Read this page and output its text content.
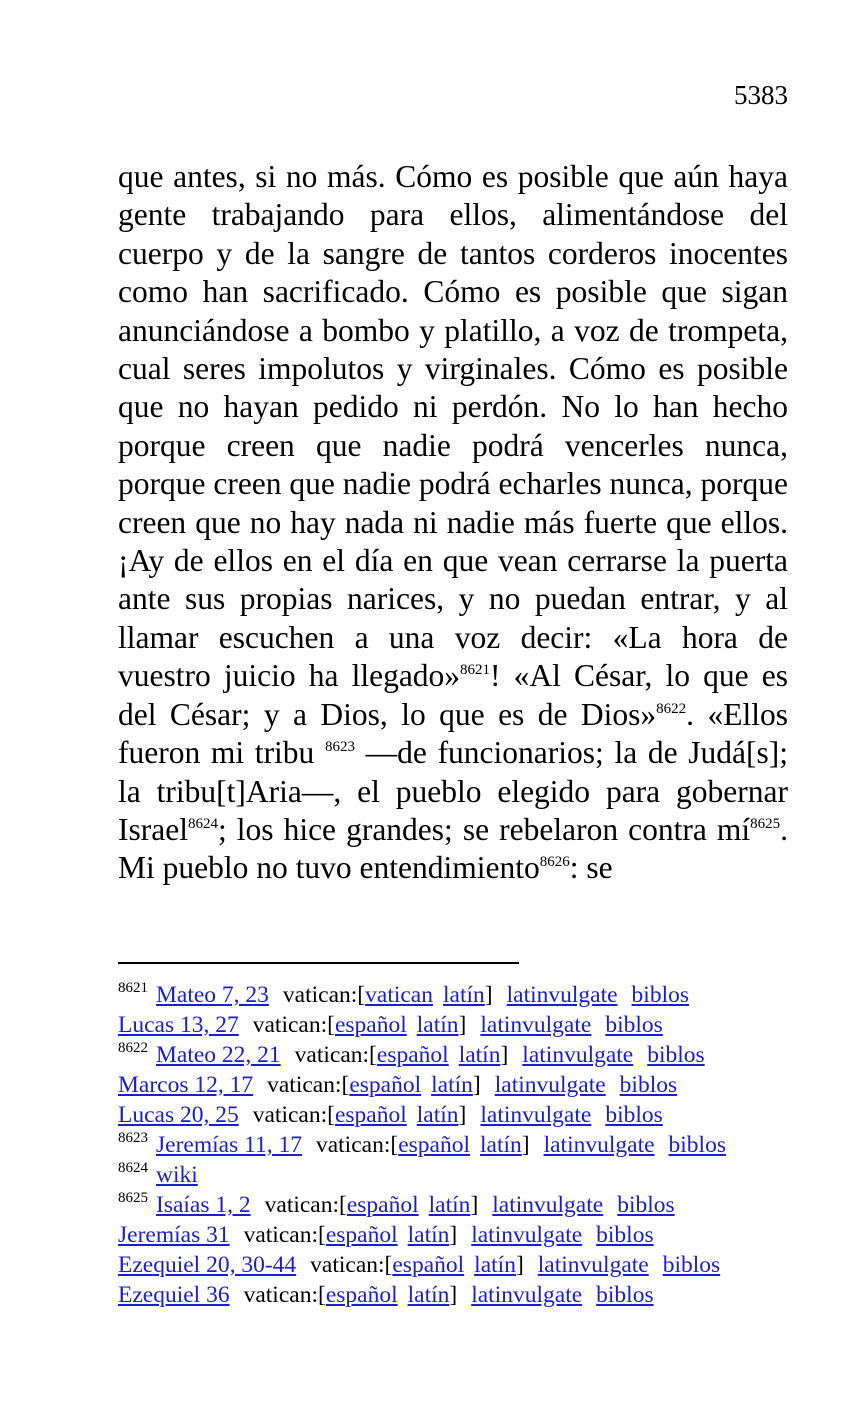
5383
que antes, si no más. Cómo es posible que aún haya gente trabajando para ellos, alimentándose del cuerpo y de la sangre de tantos corderos inocentes como han sacrificado. Cómo es posible que sigan anunciándose a bombo y platillo, a voz de trompeta, cual seres impolutos y virginales. Cómo es posible que no hayan pedido ni perdón. No lo han hecho porque creen que nadie podrá vencerles nunca, porque creen que nadie podrá echarles nunca, porque creen que no hay nada ni nadie más fuerte que ellos. ¡Ay de ellos en el día en que vean cerrarse la puerta ante sus propias narices, y no puedan entrar, y al llamar escuchen a una voz decir: «La hora de vuestro juicio ha llegado»$^{8621}$! «Al César, lo que es del César; y a Dios, lo que es de Dios»$^{8622}$. «Ellos fueron mi tribu $^{8623}$ —de funcionarios; la de Judá[s]; la tribu[t]Aria—, el pueblo elegido para gobernar Israel$^{8624}$; los hice grandes; se rebelaron contra $mí^{8625}$. Mi pueblo no tuvo entendimiento$^{8626}$: se
$^{8621}$ Mateo 7, 23 vatican:[vatican latín] latinvulgate biblos
Lucas 13, 27 vatican:[español latín] latinvulgate biblos
$^{8622}$ Mateo 22, 21 vatican:[español latín] latinvulgate biblos
Marcos 12, 17 vatican:[español latín] latinvulgate biblos
Lucas 20, 25 vatican:[español latín] latinvulgate biblos
$^{8623}$ Jeremías 11, 17 vatican:[español latín] latinvulgate biblos
$^{8624}$ wiki
$^{8625}$ Isaías 1, 2 vatican:[español latín] latinvulgate biblos
Jeremías 31 vatican:[español latín] latinvulgate biblos
Ezequiel 20, 30-44 vatican:[español latín] latinvulgate biblos
Ezequiel 36 vatican:[español latín] latinvulgate biblos
